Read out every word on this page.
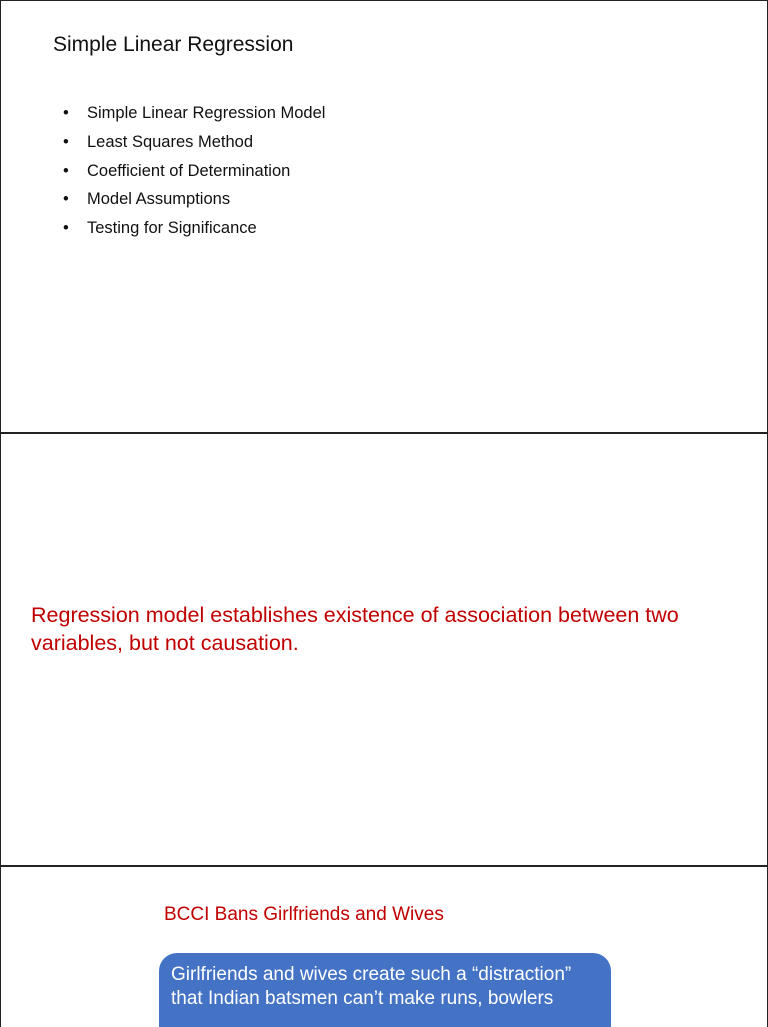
Simple Linear Regression
•	Simple Linear Regression Model
•	Least Squares Method
•	Coefficient of Determination
•	Model Assumptions
•	Testing for Significance
Regression model establishes existence of association between two variables, but not causation.
BCCI Bans Girlfriends and Wives
Girlfriends and wives create such a “distraction”
that Indian batsmen can’t make runs, bowlers
